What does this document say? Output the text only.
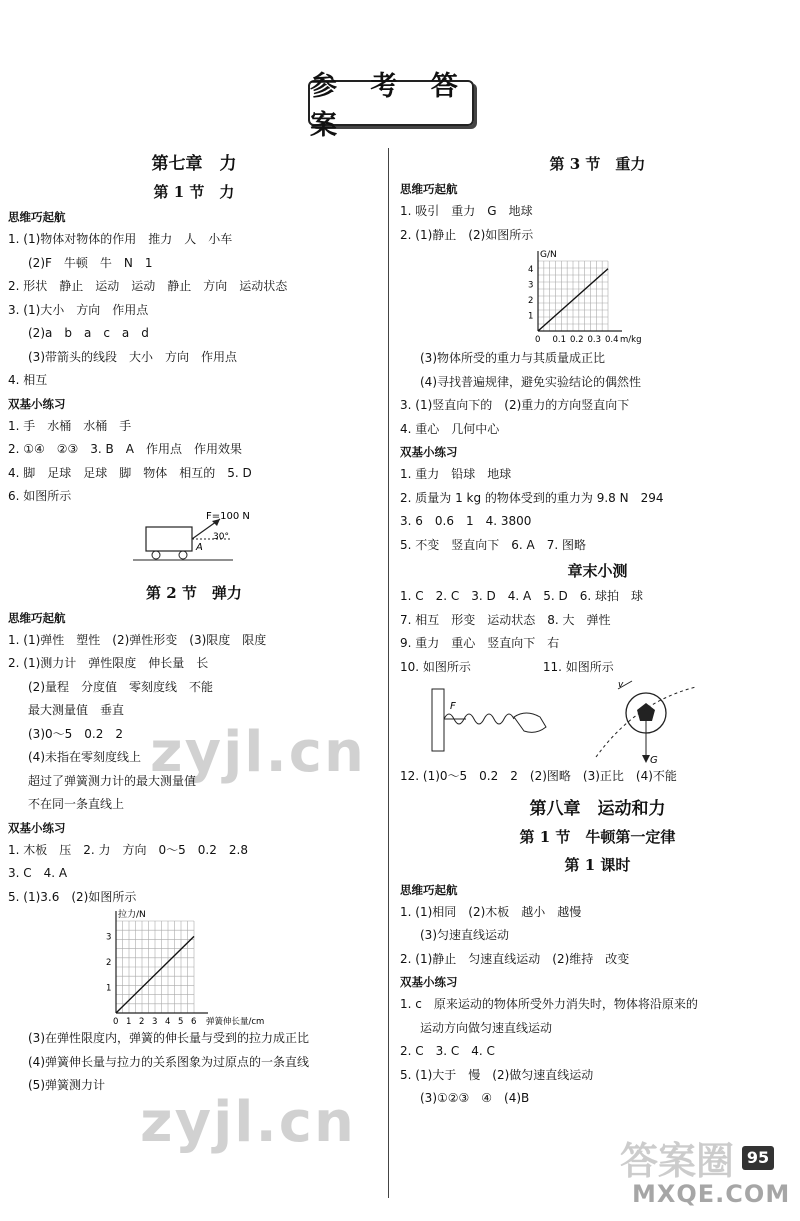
参 考 答 案
第七章　力
第 1 节　力
思维巧起航
1. (1)物体对物体的作用　推力　人　小车
(2)F　牛顿　牛　N　1
2. 形状　静止　运动　运动　静止　方向　运动状态
3. (1)大小　方向　作用点
(2)a　b　a　c　a　d
(3)带箭头的线段　大小　方向　作用点
4. 相互
双基小练习
1. 手　水桶　水桶　手
2. ①④　②③　3. B　A　作用点　作用效果
4. 脚　足球　足球　脚　物体　相互的　5. D
6. 如图所示
F=100 N
30°
A
第 2 节　弹力
思维巧起航
1. (1)弹性　塑性　(2)弹性形变　(3)限度　限度
2. (1)测力计　弹性限度　伸长量　长
(2)量程　分度值　零刻度线　不能
最大测量值　垂直
(3)0～5　0.2　2
(4)未指在零刻度线上
超过了弹簧测力计的最大测量值
不在同一条直线上
双基小练习
1. 木板　压　2. 力　方向　0～5　0.2　2.8
3. C　4. A
5. (1)3.6　(2)如图所示
0 1 2 3 4 5 6
1
2
3
拉力/N
弹簧伸长量/cm
(3)在弹性限度内，弹簧的伸长量与受到的拉力成正比
(4)弹簧伸长量与拉力的关系图象为过原点的一条直线
(5)弹簧测力计
第 3 节　重力
思维巧起航
1. 吸引　重力　G　地球
2. (1)静止　(2)如图所示
0 0.1 0.2 0.3 0.4
1
2
3
4
G/N
m/kg
(3)物体所受的重力与其质量成正比
(4)寻找普遍规律，避免实验结论的偶然性
3. (1)竖直向下的　(2)重力的方向竖直向下
4. 重心　几何中心
双基小练习
1. 重力　铅球　地球
2. 质量为 1 kg 的物体受到的重力为 9.8 N　294
3. 6　0.6　1　4. 3800
5. 不变　竖直向下　6. A　7. 图略
章末小测
1. C　2. C　3. D　4. A　5. D　6. 球拍　球
7. 相互　形变　运动状态　8. 大　弹性
9. 重力　重心　竖直向下　右
10. 如图所示　　　　　　11. 如图所示
F
v
G
12. (1)0～5　0.2　2　(2)图略　(3)正比　(4)不能
第八章　运动和力
第 1 节　牛顿第一定律
第 1 课时
思维巧起航
1. (1)相同　(2)木板　越小　越慢
(3)匀速直线运动
2. (1)静止　匀速直线运动　(2)维持　改变
双基小练习
1. c　原来运动的物体所受外力消失时，物体将沿原来的
运动方向做匀速直线运动
2. C　3. C　4. C
5. (1)大于　慢　(2)做匀速直线运动
(3)①②③　④　(4)B
zyjl.cn
zyjl.cn
答案圈
MXQE.COM
95
